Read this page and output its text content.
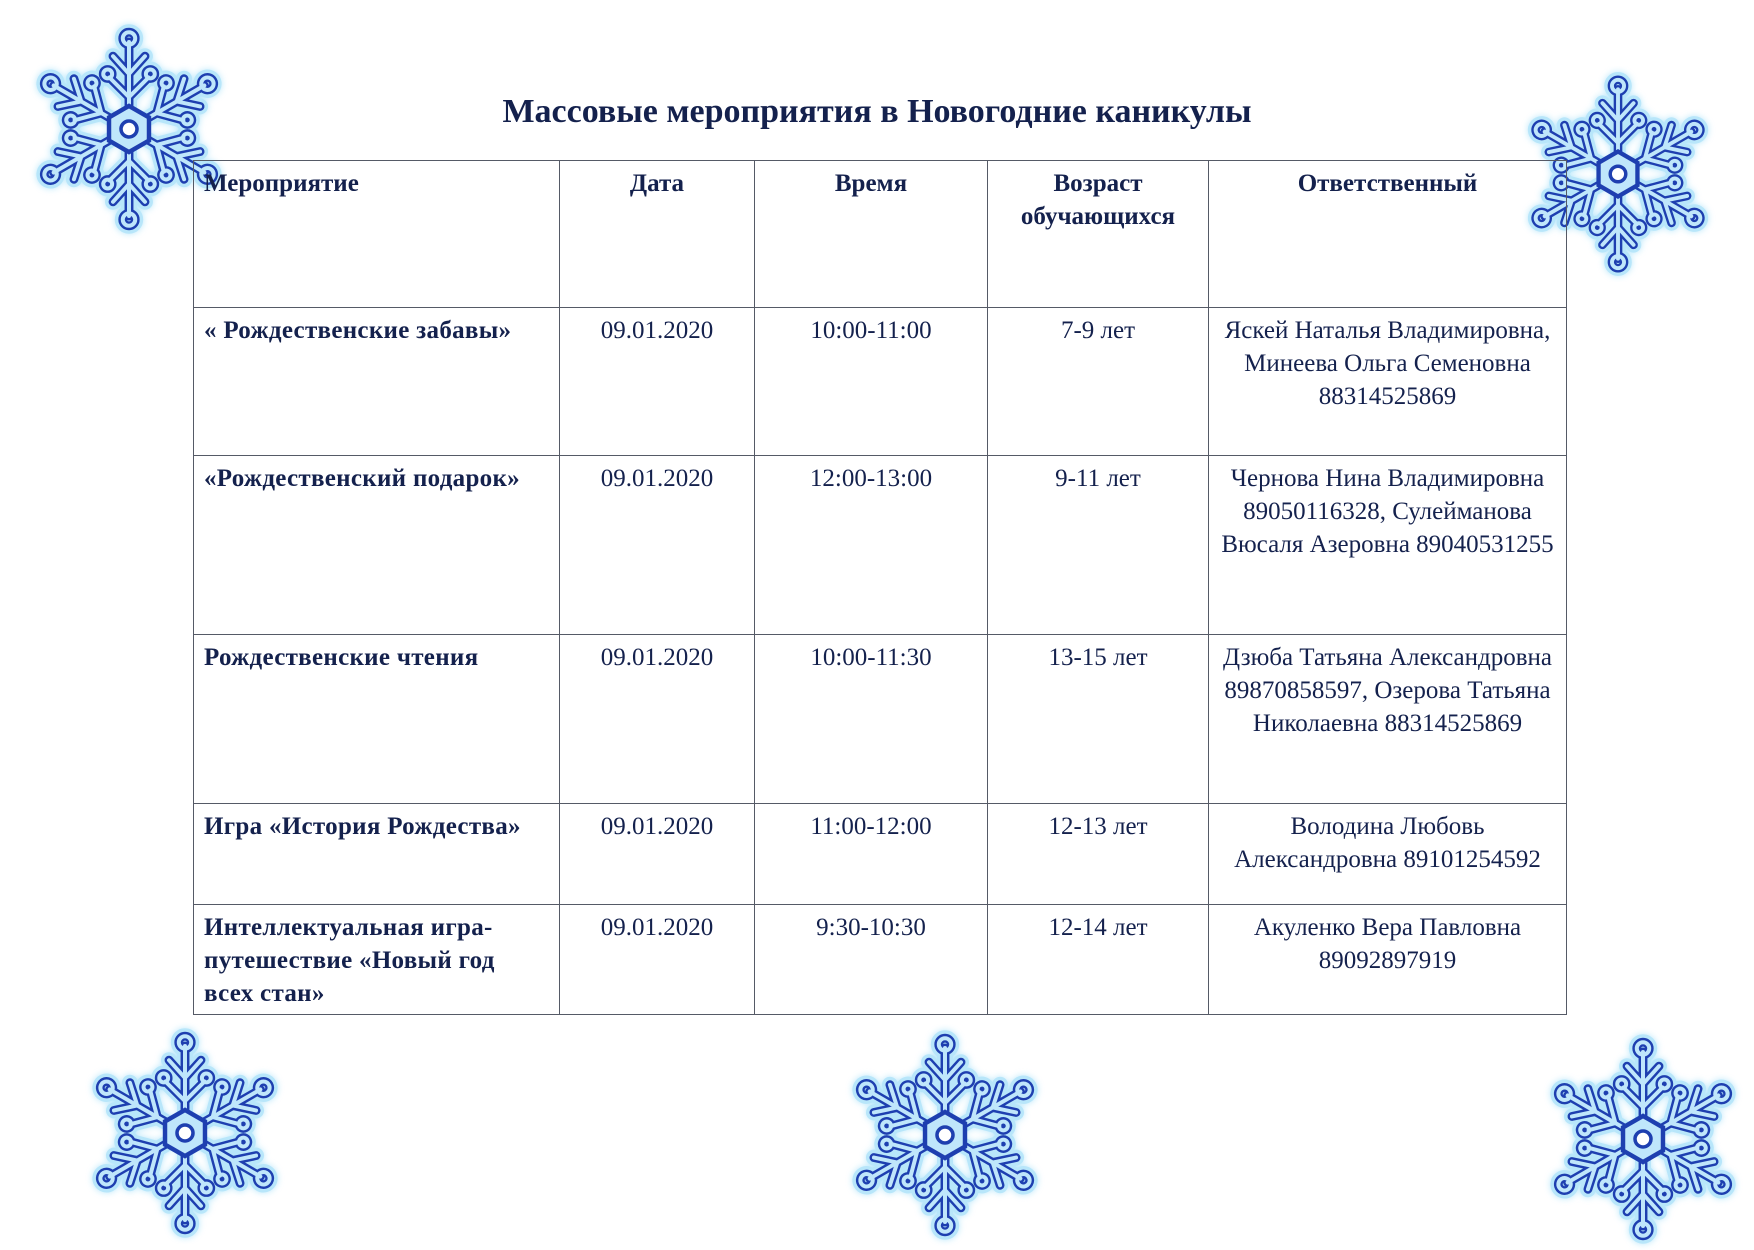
Массовые мероприятия в Новогодние каникулы
Мероприятие	Дата	Время	Возраст обучающихся	Ответственный
« Рождественские забавы»	09.01.2020	10:00-11:00	7-9 лет	Яскей Наталья Владимировна, Минеева Ольга Семеновна 88314525869
«Рождественский подарок»	09.01.2020	12:00-13:00	9-11 лет	Чернова Нина Владимировна 89050116328, Сулейманова Вюсаля Азеровна 89040531255
Рождественские чтения	09.01.2020	10:00-11:30	13-15 лет	Дзюба Татьяна Александровна 89870858597, Озерова Татьяна Николаевна 88314525869
Игра «История Рождества»	09.01.2020	11:00-12:00	12-13 лет	Володина Любовь Александровна 89101254592
Интеллектуальная игра-путешествие «Новый год всех стан»	09.01.2020	9:30-10:30	12-14 лет	Акуленко Вера Павловна 89092897919
